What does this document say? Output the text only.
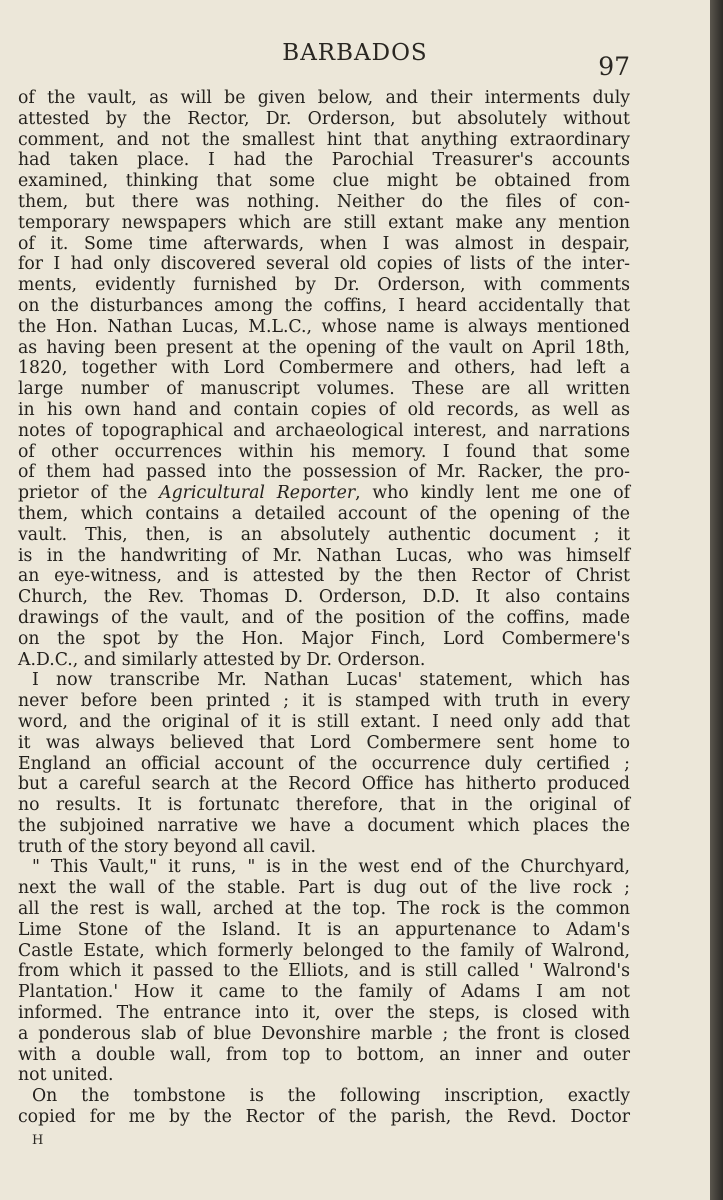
BARBADOS	97
of the vault, as will be given below, and their interments duly
attested by the Rector, Dr. Orderson, but absolutely without
comment, and not the smallest hint that anything extraordinary
had taken place. I had the Parochial Treasurer's accounts
examined, thinking that some clue might be obtained from
them, but there was nothing. Neither do the files of con-
temporary newspapers which are still extant make any mention
of it. Some time afterwards, when I was almost in despair,
for I had only discovered several old copies of lists of the inter-
ments, evidently furnished by Dr. Orderson, with comments
on the disturbances among the coffins, I heard accidentally that
the Hon. Nathan Lucas, M.L.C., whose name is always mentioned
as having been present at the opening of the vault on April 18th,
1820, together with Lord Combermere and others, had left a
large number of manuscript volumes. These are all written
in his own hand and contain copies of old records, as well as
notes of topographical and archaeological interest, and narrations
of other occurrences within his memory. I found that some
of them had passed into the possession of Mr. Racker, the pro-
prietor of the Agricultural Reporter, who kindly lent me one of
them, which contains a detailed account of the opening of the
vault. This, then, is an absolutely authentic document ; it
is in the handwriting of Mr. Nathan Lucas, who was himself
an eye-witness, and is attested by the then Rector of Christ
Church, the Rev. Thomas D. Orderson, D.D. It also contains
drawings of the vault, and of the position of the coffins, made
on the spot by the Hon. Major Finch, Lord Combermere's
A.D.C., and similarly attested by Dr. Orderson.
I now transcribe Mr. Nathan Lucas' statement, which has
never before been printed ; it is stamped with truth in every
word, and the original of it is still extant. I need only add that
it was always believed that Lord Combermere sent home to
England an official account of the occurrence duly certified ;
but a careful search at the Record Office has hitherto produced
no results. It is fortunatc therefore, that in the original of
the subjoined narrative we have a document which places the
truth of the story beyond all cavil.
" This Vault," it runs, " is in the west end of the Churchyard,
next the wall of the stable. Part is dug out of the live rock ;
all the rest is wall, arched at the top. The rock is the common
Lime Stone of the Island. It is an appurtenance to Adam's
Castle Estate, which formerly belonged to the family of Walrond,
from which it passed to the Elliots, and is still called ' Walrond's
Plantation.' How it came to the family of Adams I am not
informed. The entrance into it, over the steps, is closed with
a ponderous slab of blue Devonshire marble ; the front is closed
with a double wall, from top to bottom, an inner and outer
not united.
On the tombstone is the following inscription, exactly
copied for me by the Rector of the parish, the Revd. Doctor
H
